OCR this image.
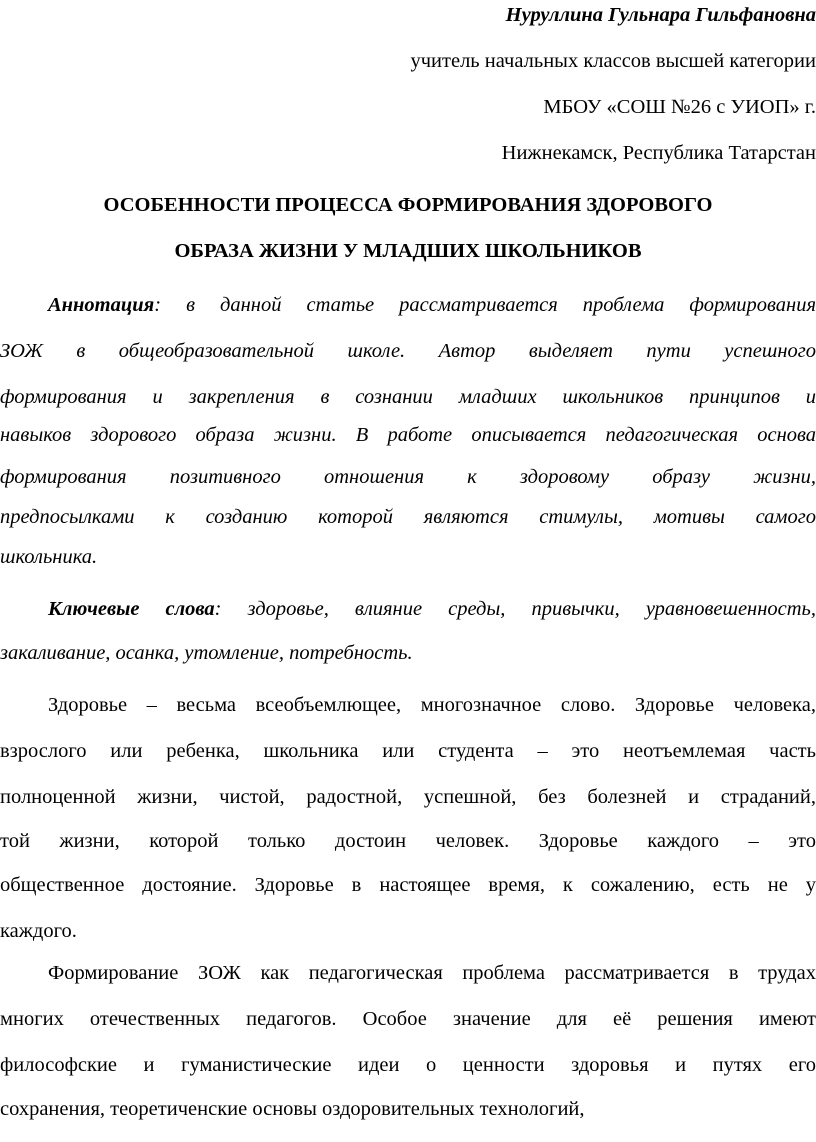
Нуруллина Гульнара Гильфановна
учитель начальных классов высшей категории
МБОУ «СОШ №26 с УИОП» г.
Нижнекамск, Республика Татарстан
ОСОБЕННОСТИ ПРОЦЕССА ФОРМИРОВАНИЯ ЗДОРОВОГО
ОБРАЗА ЖИЗНИ У МЛАДШИХ ШКОЛЬНИКОВ
Аннотация: в данной статье рассматривается проблема формирования
ЗОЖ в общеобразовательной школе. Автор выделяет пути успешного
формирования и закрепления в сознании младших школьников принципов и
навыков здорового образа жизни. В работе описывается педагогическая основа
формирования позитивного отношения к здоровому образу жизни,
предпосылками к созданию которой являются стимулы, мотивы самого
школьника.
Ключевые слова: здоровье, влияние среды, привычки, уравновешенность,
закаливание, осанка, утомление, потребность.
Здоровье – весьма всеобъемлющее, многозначное слово. Здоровье человека,
взрослого или ребенка, школьника или студента – это неотъемлемая часть
полноценной жизни, чистой, радостной, успешной, без болезней и страданий,
той жизни, которой только достоин человек. Здоровье каждого – это
общественное достояние. Здоровье в настоящее время, к сожалению, есть не у
каждого.
Формирование ЗОЖ как педагогическая проблема рассматривается в трудах
многих отечественных педагогов. Особое значение для её решения имеют
философские и гуманистические идеи о ценности здоровья и путях его
сохранения, теоретиченские основы оздоровительных технологий,
